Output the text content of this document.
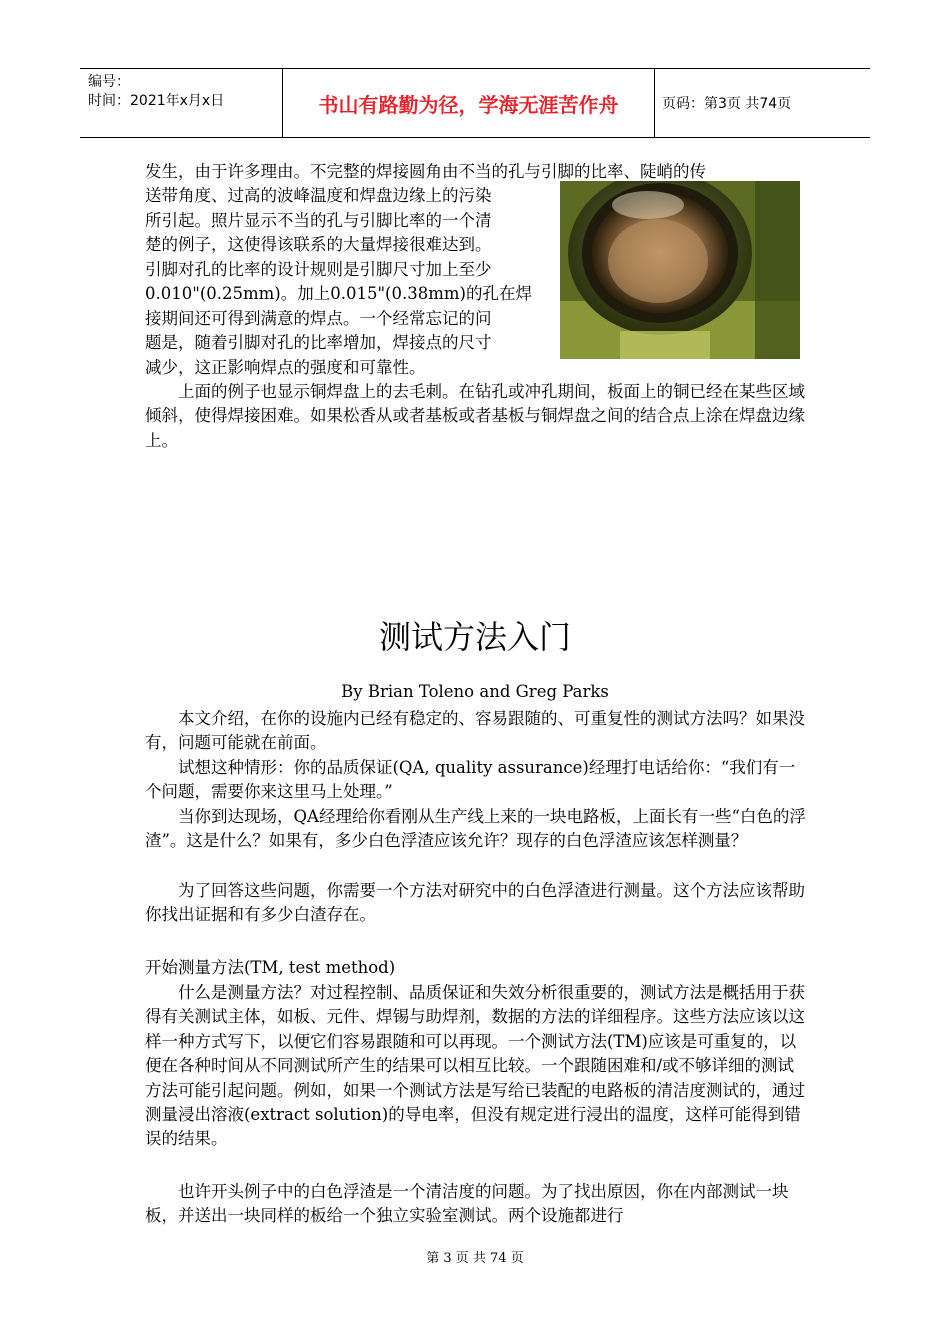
编号：
时间：2021年x月x日	书山有路勤为径，学海无涯苦作舟	页码：第3页 共74页
发生，由于许多理由。不完整的焊接圆角由不当的孔与引脚的比率、陡峭的传
送带角度、过高的波峰温度和焊盘边缘上的污染
所引起。照片显示不当的孔与引脚比率的一个清
楚的例子，这使得该联系的大量焊接很难达到。
引脚对孔的比率的设计规则是引脚尺寸加上至少
0.010"(0.25mm)。加上0.015"(0.38mm)的孔在焊
接期间还可得到满意的焊点。一个经常忘记的问
题是，随着引脚对孔的比率增加，焊接点的尺寸
减少，这正影响焊点的强度和可靠性。

上面的例子也显示铜焊盘上的去毛刺。在钻孔或冲孔期间，板面上的铜已经在某些区域倾斜，使得焊接困难。如果松香从或者基板或者基板与铜焊盘之间的结合点上涂在焊盘边缘上。

测试方法入门
By Brian Toleno and Greg Parks

本文介绍，在你的设施内已经有稳定的、容易跟随的、可重复性的测试方法吗？如果没有，问题可能就在前面。

试想这种情形：你的品质保证(QA, quality assurance)经理打电话给你：“我们有一个问题，需要你来这里马上处理。”

当你到达现场，QA经理给你看刚从生产线上来的一块电路板，上面长有一些“白色的浮渣”。这是什么？如果有，多少白色浮渣应该允许？现存的白色浮渣应该怎样测量？

为了回答这些问题，你需要一个方法对研究中的白色浮渣进行测量。这个方法应该帮助你找出证据和有多少白渣存在。

开始测量方法(TM, test method)

什么是测量方法？对过程控制、品质保证和失效分析很重要的，测试方法是概括用于获得有关测试主体，如板、元件、焊锡与助焊剂，数据的方法的详细程序。这些方法应该以这样一种方式写下，以便它们容易跟随和可以再现。一个测试方法(TM)应该是可重复的，以便在各种时间从不同测试所产生的结果可以相互比较。一个跟随困难和/或不够详细的测试方法可能引起问题。例如，如果一个测试方法是写给已装配的电路板的清洁度测试的，通过测量浸出溶液(extract solution)的导电率，但没有规定进行浸出的温度，这样可能得到错误的结果。

也许开头例子中的白色浮渣是一个清洁度的问题。为了找出原因，你在内部测试一块板，并送出一块同样的板给一个独立实验室测试。两个设施都进行

第 3 页 共 74 页
